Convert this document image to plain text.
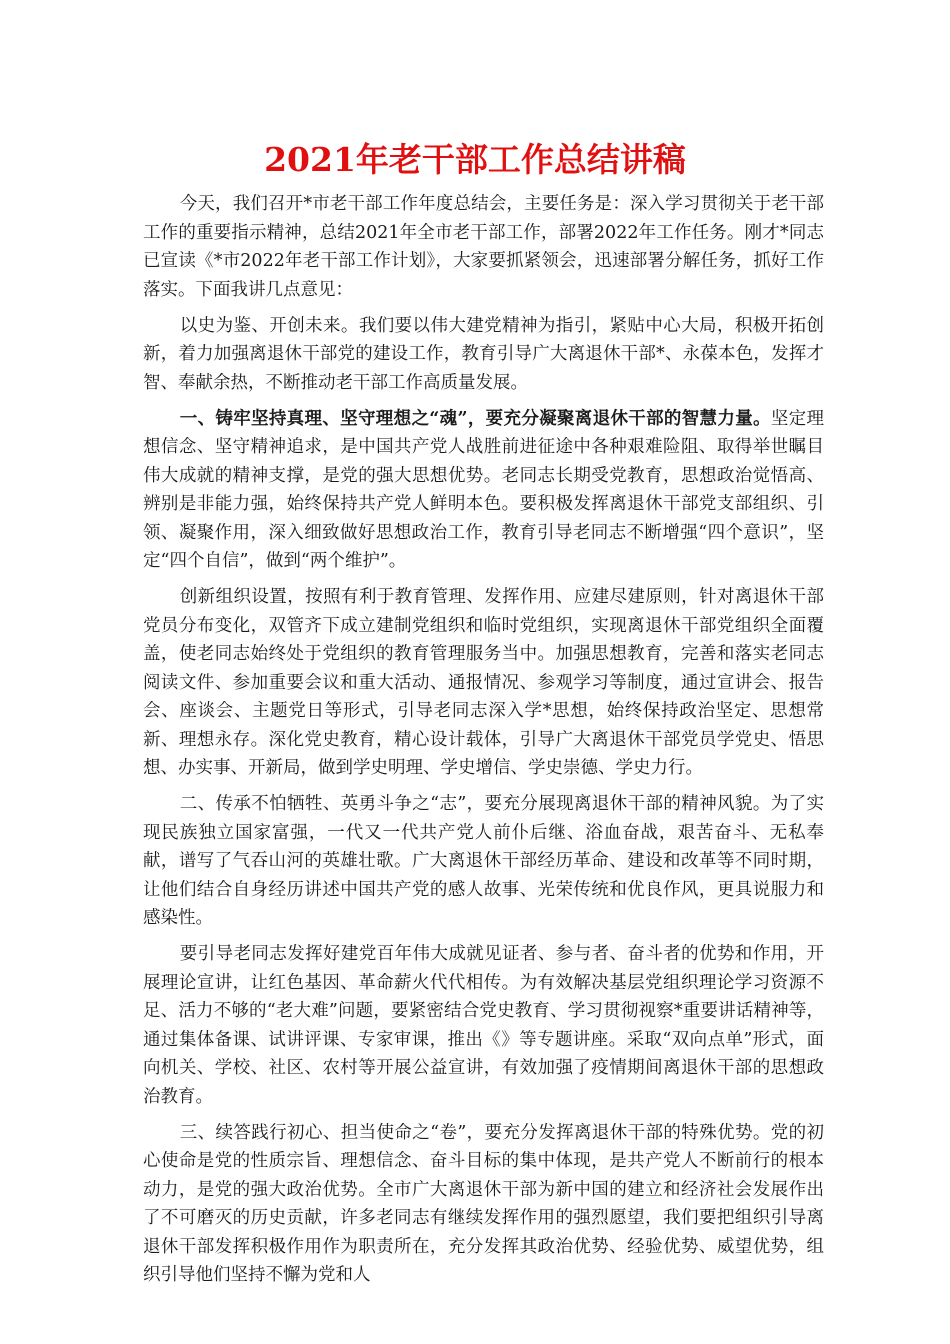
2021年老干部工作总结讲稿

今天，我们召开*市老干部工作年度总结会，主要任务是：深入学习贯彻关于老干部工作的重要指示精神，总结2021年全市老干部工作，部署2022年工作任务。刚才*同志已宣读《*市2022年老干部工作计划》，大家要抓紧领会，迅速部署分解任务，抓好工作落实。下面我讲几点意见：

以史为鉴、开创未来。我们要以伟大建党精神为指引，紧贴中心大局，积极开拓创新，着力加强离退休干部党的建设工作，教育引导广大离退休干部*、永葆本色，发挥才智、奉献余热，不断推动老干部工作高质量发展。

一、铸牢坚持真理、坚守理想之“魂”，要充分凝聚离退休干部的智慧力量。坚定理想信念、坚守精神追求，是中国共产党人战胜前进征途中各种艰难险阻、取得举世瞩目伟大成就的精神支撑，是党的强大思想优势。老同志长期受党教育，思想政治觉悟高、辨别是非能力强，始终保持共产党人鲜明本色。要积极发挥离退休干部党支部组织、引领、凝聚作用，深入细致做好思想政治工作，教育引导老同志不断增强“四个意识”，坚定“四个自信”，做到“两个维护”。

创新组织设置，按照有利于教育管理、发挥作用、应建尽建原则，针对离退休干部党员分布变化，双管齐下成立建制党组织和临时党组织，实现离退休干部党组织全面覆盖，使老同志始终处于党组织的教育管理服务当中。加强思想教育，完善和落实老同志阅读文件、参加重要会议和重大活动、通报情况、参观学习等制度，通过宣讲会、报告会、座谈会、主题党日等形式，引导老同志深入学*思想，始终保持政治坚定、思想常新、理想永存。深化党史教育，精心设计载体，引导广大离退休干部党员学党史、悟思想、办实事、开新局，做到学史明理、学史增信、学史崇德、学史力行。

二、传承不怕牺牲、英勇斗争之“志”，要充分展现离退休干部的精神风貌。为了实现民族独立国家富强，一代又一代共产党人前仆后继、浴血奋战，艰苦奋斗、无私奉献，谱写了气吞山河的英雄壮歌。广大离退休干部经历革命、建设和改革等不同时期，让他们结合自身经历讲述中国共产党的感人故事、光荣传统和优良作风，更具说服力和感染性。

要引导老同志发挥好建党百年伟大成就见证者、参与者、奋斗者的优势和作用，开展理论宣讲，让红色基因、革命薪火代代相传。为有效解决基层党组织理论学习资源不足、活力不够的“老大难”问题，要紧密结合党史教育、学习贯彻视察*重要讲话精神等，通过集体备课、试讲评课、专家审课，推出《》等专题讲座。采取“双向点单”形式，面向机关、学校、社区、农村等开展公益宣讲，有效加强了疫情期间离退休干部的思想政治教育。

三、续答践行初心、担当使命之“卷”，要充分发挥离退休干部的特殊优势。党的初心使命是党的性质宗旨、理想信念、奋斗目标的集中体现，是共产党人不断前行的根本动力，是党的强大政治优势。全市广大离退休干部为新中国的建立和经济社会发展作出了不可磨灭的历史贡献，许多老同志有继续发挥作用的强烈愿望，我们要把组织引导离退休干部发挥积极作用作为职责所在，充分发挥其政治优势、经验优势、威望优势，组织引导他们坚持不懈为党和人
